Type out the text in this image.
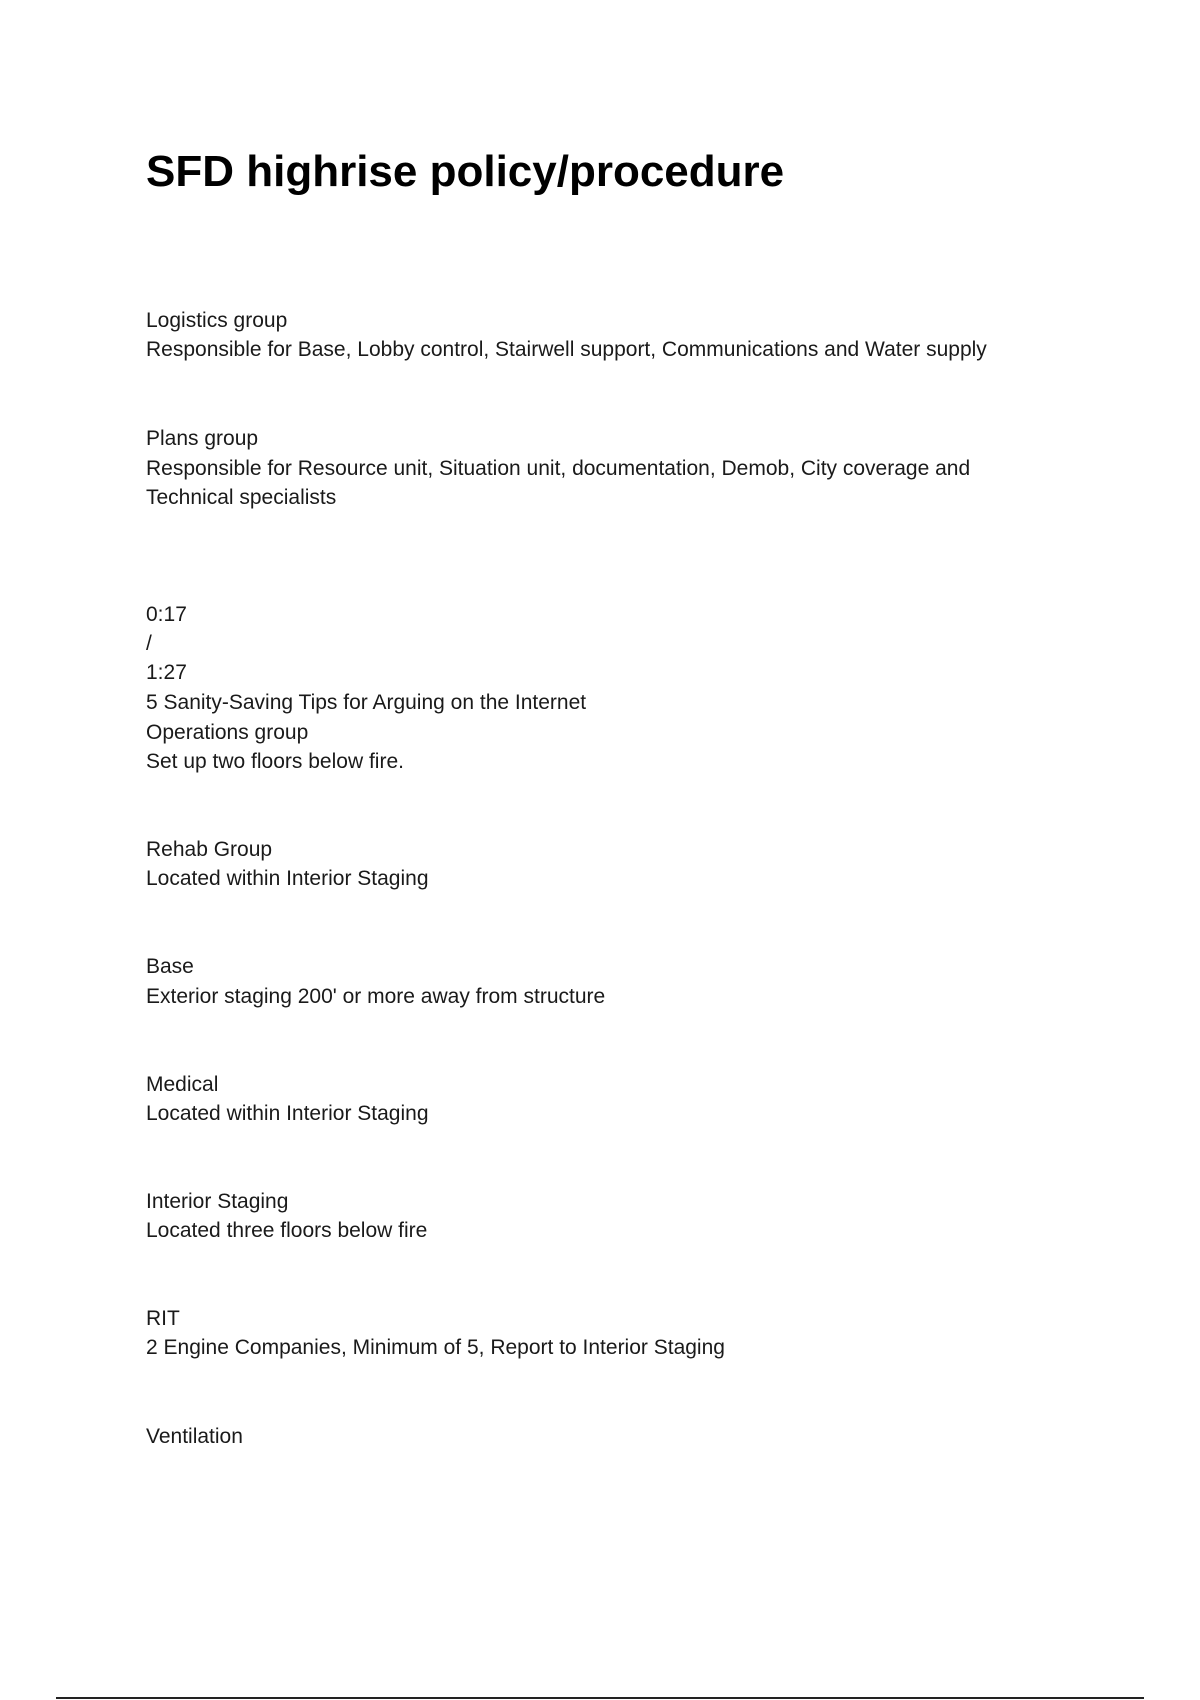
SFD highrise policy/procedure

Logistics group

Responsible for Base, Lobby control, Stairwell support, Communications and Water supply

Plans group

Responsible for Resource unit, Situation unit, documentation, Demob, City coverage and

Technical specialists

0:17

/

1:27

5 Sanity-Saving Tips for Arguing on the Internet

Operations group

Set up two floors below fire.

Rehab Group

Located within Interior Staging

Base

Exterior staging 200' or more away from structure

Medical

Located within Interior Staging

Interior Staging

Located three floors below fire

RIT

2 Engine Companies, Minimum of 5, Report to Interior Staging

Ventilation
